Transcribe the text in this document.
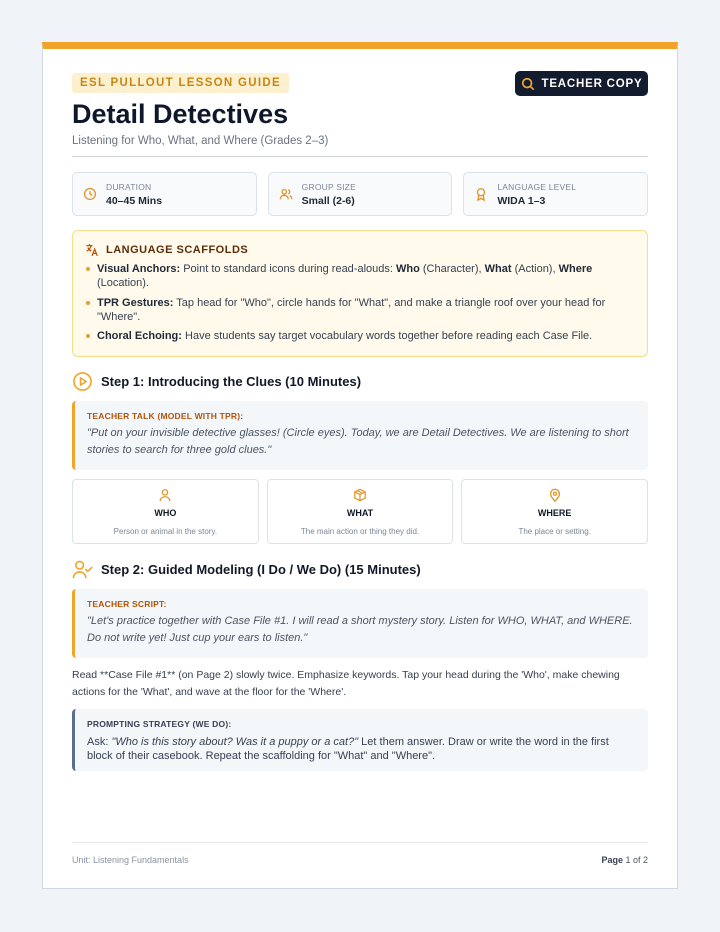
ESL PULLOUT LESSON GUIDE	TEACHER COPY
Detail Detectives
Listening for Who, What, and Where (Grades 2–3)
DURATION
40–45 Mins
GROUP SIZE
Small (2-6)
LANGUAGE LEVEL
WIDA 1–3
LANGUAGE SCAFFOLDS
Visual Anchors: Point to standard icons during read-alouds: Who (Character), What (Action), Where (Location).
TPR Gestures: Tap head for "Who", circle hands for "What", and make a triangle roof over your head for "Where".
Choral Echoing: Have students say target vocabulary words together before reading each Case File.
Step 1: Introducing the Clues (10 Minutes)
TEACHER TALK (MODEL WITH TPR):
"Put on your invisible detective glasses! (Circle eyes). Today, we are Detail Detectives. We are listening to short stories to search for three gold clues."
WHO
Person or animal in the story.
WHAT
The main action or thing they did.
WHERE
The place or setting.
Step 2: Guided Modeling (I Do / We Do) (15 Minutes)
TEACHER SCRIPT:
"Let's practice together with Case File #1. I will read a short mystery story. Listen for WHO, WHAT, and WHERE. Do not write yet! Just cup your ears to listen."
Read **Case File #1** (on Page 2) slowly twice. Emphasize keywords. Tap your head during the 'Who', make chewing actions for the 'What', and wave at the floor for the 'Where'.
PROMPTING STRATEGY (WE DO):
Ask: "Who is this story about? Was it a puppy or a cat?" Let them answer. Draw or write the word in the first block of their casebook. Repeat the scaffolding for "What" and "Where".
Unit: Listening Fundamentals	Page 1 of 2
